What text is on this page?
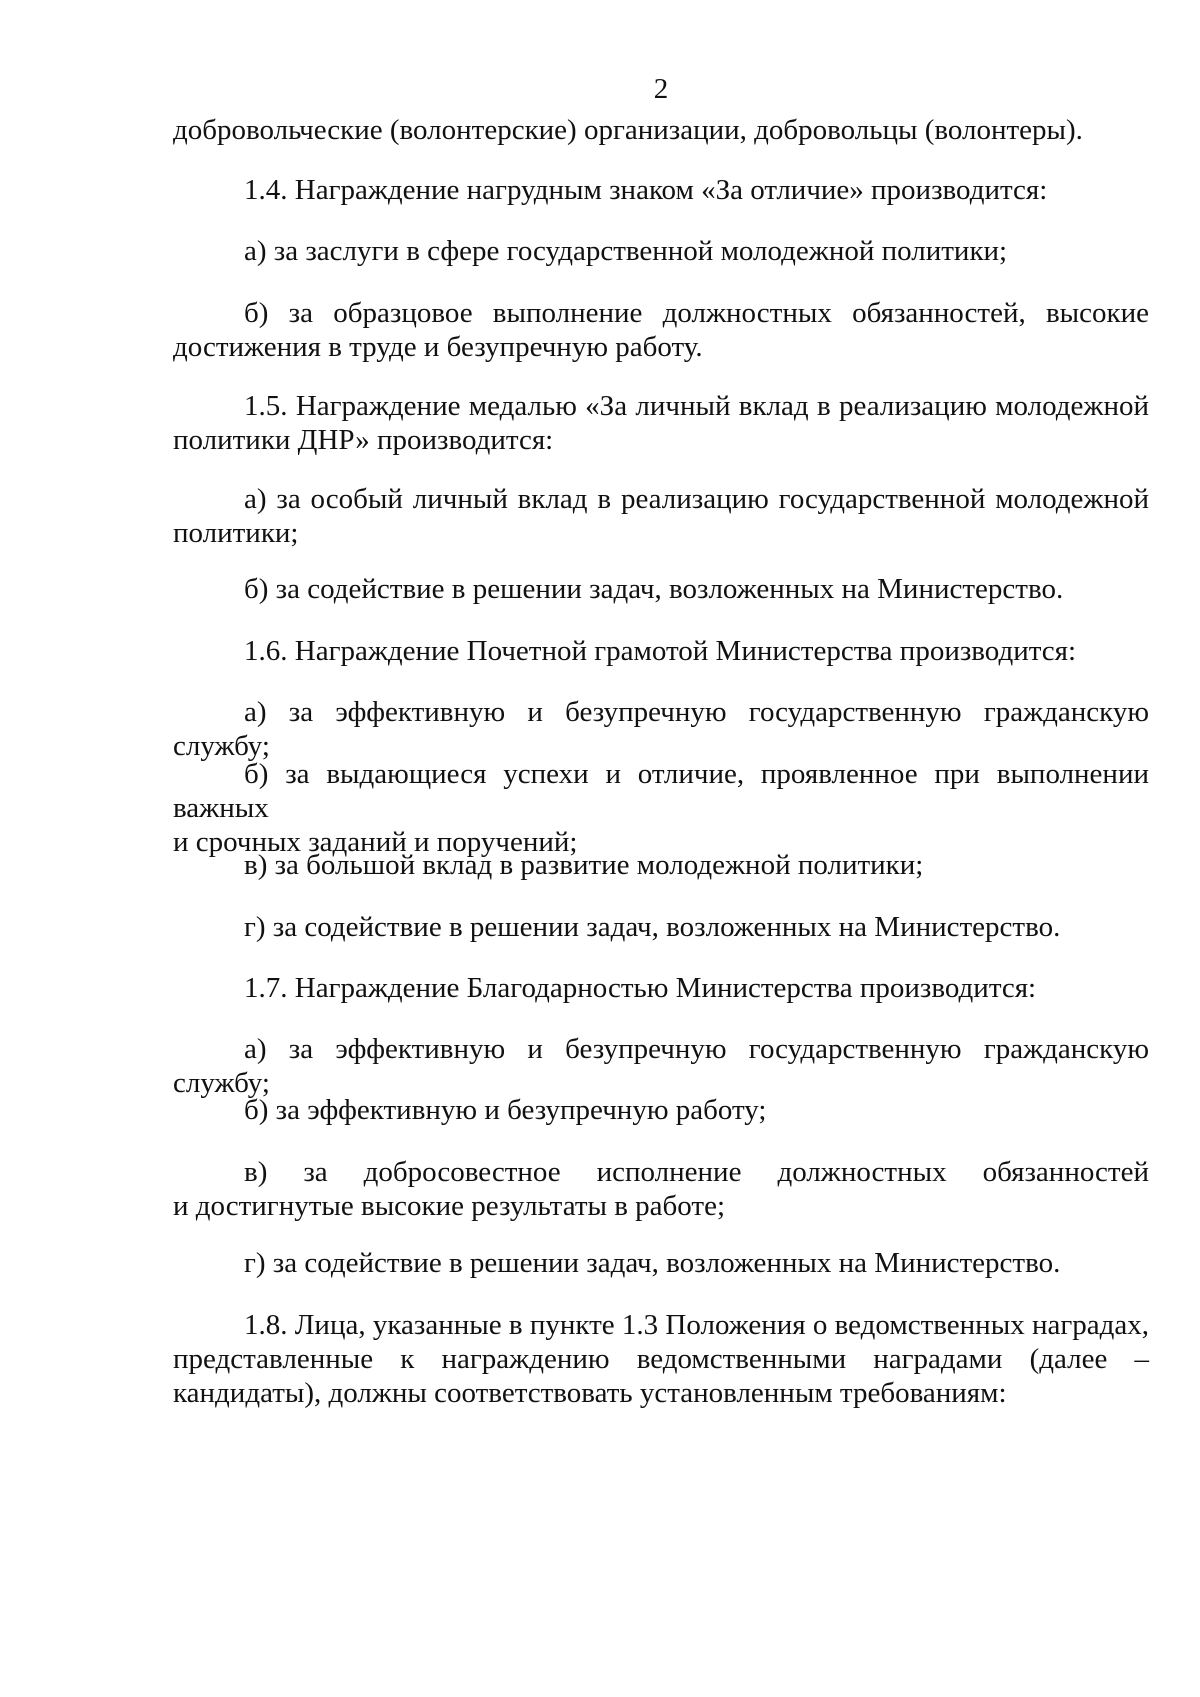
2

добровольческие (волонтерские) организации, добровольцы (волонтеры).

1.4. Награждение нагрудным знаком «За отличие» производится:

а) за заслуги в сфере государственной молодежной политики;

б) за образцовое выполнение должностных обязанностей, высокие
достижения в труде и безупречную работу.

1.5. Награждение медалью «За личный вклад в реализацию молодежной
политики ДНР» производится:

а) за особый личный вклад в реализацию государственной молодежной
политики;

б) за содействие в решении задач, возложенных на Министерство.

1.6. Награждение Почетной грамотой Министерства производится:

а) за эффективную и безупречную государственную гражданскую службу;

б) за выдающиеся успехи и отличие, проявленное при выполнении важных
и срочных заданий и поручений;

в) за большой вклад в развитие молодежной политики;

г) за содействие в решении задач, возложенных на Министерство.

1.7. Награждение Благодарностью Министерства производится:

а) за эффективную и безупречную государственную гражданскую службу;

б) за эффективную и безупречную работу;

в) за добросовестное исполнение должностных обязанностей
и достигнутые высокие результаты в работе;

г) за содействие в решении задач, возложенных на Министерство.

1.8. Лица, указанные в пункте 1.3 Положения о ведомственных наградах,
представленные к награждению ведомственными наградами (далее –
кандидаты), должны соответствовать установленным требованиям:
